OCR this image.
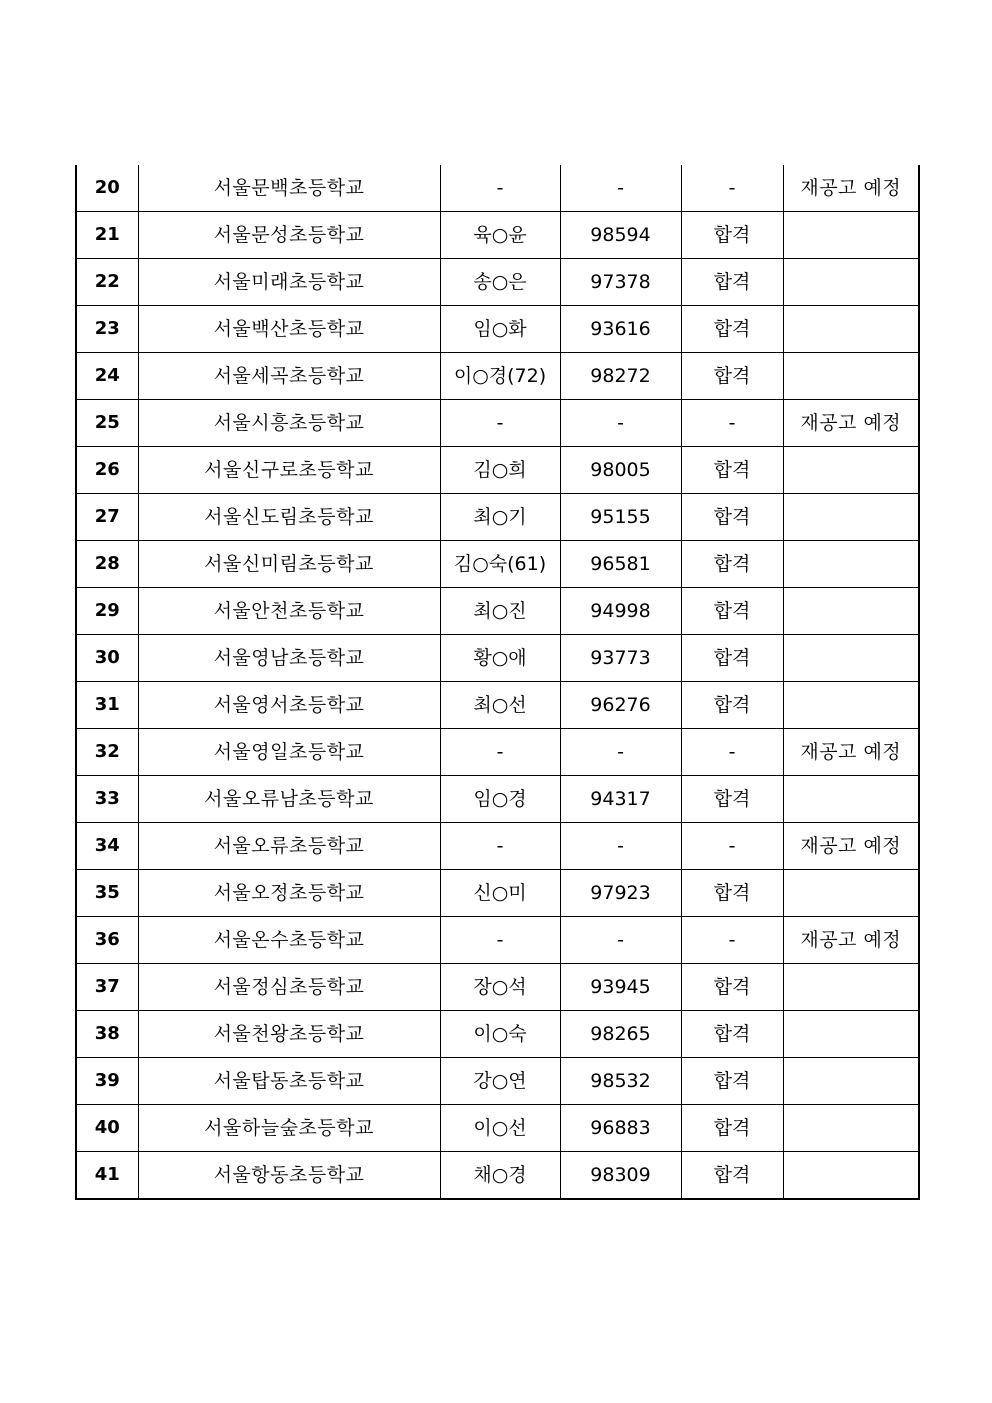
20	서울문백초등학교	-	-	-	재공고 예정
21	서울문성초등학교	육○윤	98594	합격	
22	서울미래초등학교	송○은	97378	합격	
23	서울백산초등학교	임○화	93616	합격	
24	서울세곡초등학교	이○경(72)	98272	합격	
25	서울시흥초등학교	-	-	-	재공고 예정
26	서울신구로초등학교	김○희	98005	합격	
27	서울신도림초등학교	최○기	95155	합격	
28	서울신미림초등학교	김○숙(61)	96581	합격	
29	서울안천초등학교	최○진	94998	합격	
30	서울영남초등학교	황○애	93773	합격	
31	서울영서초등학교	최○선	96276	합격	
32	서울영일초등학교	-	-	-	재공고 예정
33	서울오류남초등학교	임○경	94317	합격	
34	서울오류초등학교	-	-	-	재공고 예정
35	서울오정초등학교	신○미	97923	합격	
36	서울온수초등학교	-	-	-	재공고 예정
37	서울정심초등학교	장○석	93945	합격	
38	서울천왕초등학교	이○숙	98265	합격	
39	서울탑동초등학교	강○연	98532	합격	
40	서울하늘숲초등학교	이○선	96883	합격	
41	서울항동초등학교	채○경	98309	합격	
